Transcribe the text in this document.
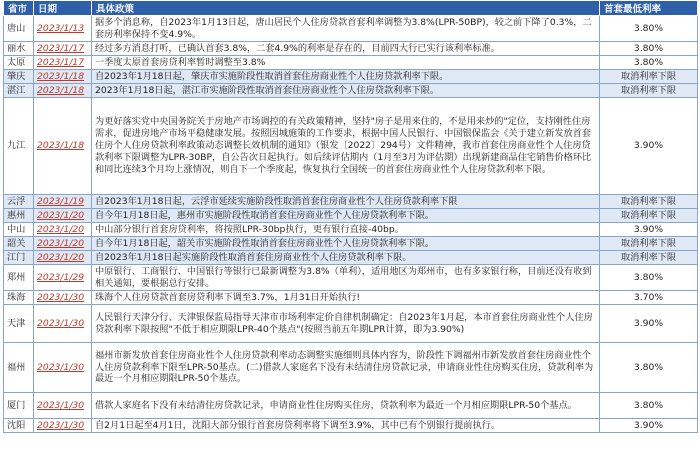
省市	日期	具体政策	首套最低利率
唐山	2023/1/13	据多个消息称，自2023年1月13日起，唐山居民个人住房贷款首套利率调整为3.8%(LPR-50BP)，较之前下降了0.3%，二套房利率保持不变4.9%。	3.80%
丽水	2023/1/17	经过多方消息打听，已确认首套3.8%，二套4.9%的利率是存在的，目前四大行已实行该利率标准。	3.80%
太原	2023/1/17	一季度太原首套房贷利率暂时调整至3.8%	3.80%
肇庆	2023/1/18	自2023年1月18日起，肇庆市实施阶段性取消首套住房商业性个人住房贷款利率下限。	取消利率下限
湛江	2023/1/18	2023年1月18日起，湛江市实施阶段性取消首套住房商业性个人住房贷款利率下限。	取消利率下限
九江	2023/1/18	为更好落实党中央国务院关于房地产市场调控的有关政策精神，坚持"房子是用来住的，不是用来炒的"定位，支持刚性住房需求，促进房地产市场平稳健康发展。按照因城施策的工作要求，根据中国人民银行、中国银保监会《关于建立新发放首套住房个人住房贷款利率政策动态调整长效机制的通知》（银发〔2022〕294号）文件精神，我市首套住房商业性个人住房贷款利率下限调整为LPR-30BP，自公告次日起执行。如后续评估期内（1月至3月为评估期）出现新建商品住宅销售价格环比和同比连续3个月均上涨情况，则自下一个季度起，恢复执行全国统一的首套住房商业性个人住房贷款利率下限。	3.90%
云浮	2023/1/19	自2023年1月18日起，云浮市延续实施阶段性取消首套住房商业性个人住房贷款利率下限	取消利率下限
惠州	2023/1/20	自今年1月18日起，惠州市实施阶段性取消首套住房商业性个人住房贷款利率下限。	取消利率下限
中山	2023/1/20	中山部分银行首套房贷利率，将按照LPR-30bp执行，更有银行直接-40bp。	3.90%
韶关	2023/1/20	自今年1月18日起，韶关市实施阶段性取消首套住房商业性个人住房贷款利率下限。	取消利率下限
江门	2023/1/20	自2023年1月18日起实施阶段性取消首套住房商业性个人住房贷款利率下限。	取消利率下限
郑州	2023/1/29	中原银行、工商银行、中国银行等银行已最新调整为3.8%（单利），适用地区为郑州市，也有多家银行称，目前还没有收到相关通知，要根据总行安排。	3.80%
珠海	2023/1/30	珠海个人住房贷款首套房贷利率下调至3.7%，1月31日开始执行!	3.70%
天津	2023/1/30	人民银行天津分行、天津银保监局指导天津市市场利率定价自律机制确定：自2023年1月起，本市首套住房商业性个人住房贷款利率下限按照"不低于相应期限LPR-40个基点"(按照当前五年期LPR计算，即为3.90%)	3.90%
福州	2023/1/30	福州市新发放首套住房商业性个人住房贷款利率动态调整实施细则具体内容为，阶段性下调福州市新发放首套住房商业性个人住房贷款利率下限至LPR-50基点。(二)借款人家庭名下没有未结清住房贷款记录，申请商业性住房购买住房，贷款利率为最近一个月相应期限LPR-50个基点。	3.80%
厦门	2023/1/30	借款人家庭名下没有未结清住房贷款记录，申请商业性住房购买住房，贷款利率为最近一个月相应期限LPR-50个基点。	3.80%
沈阳	2023/1/30	自2月1日起至4月1日，沈阳大部分银行首套房贷利率将下调至3.9%，其中已有个别银行提前执行。	3.90%
